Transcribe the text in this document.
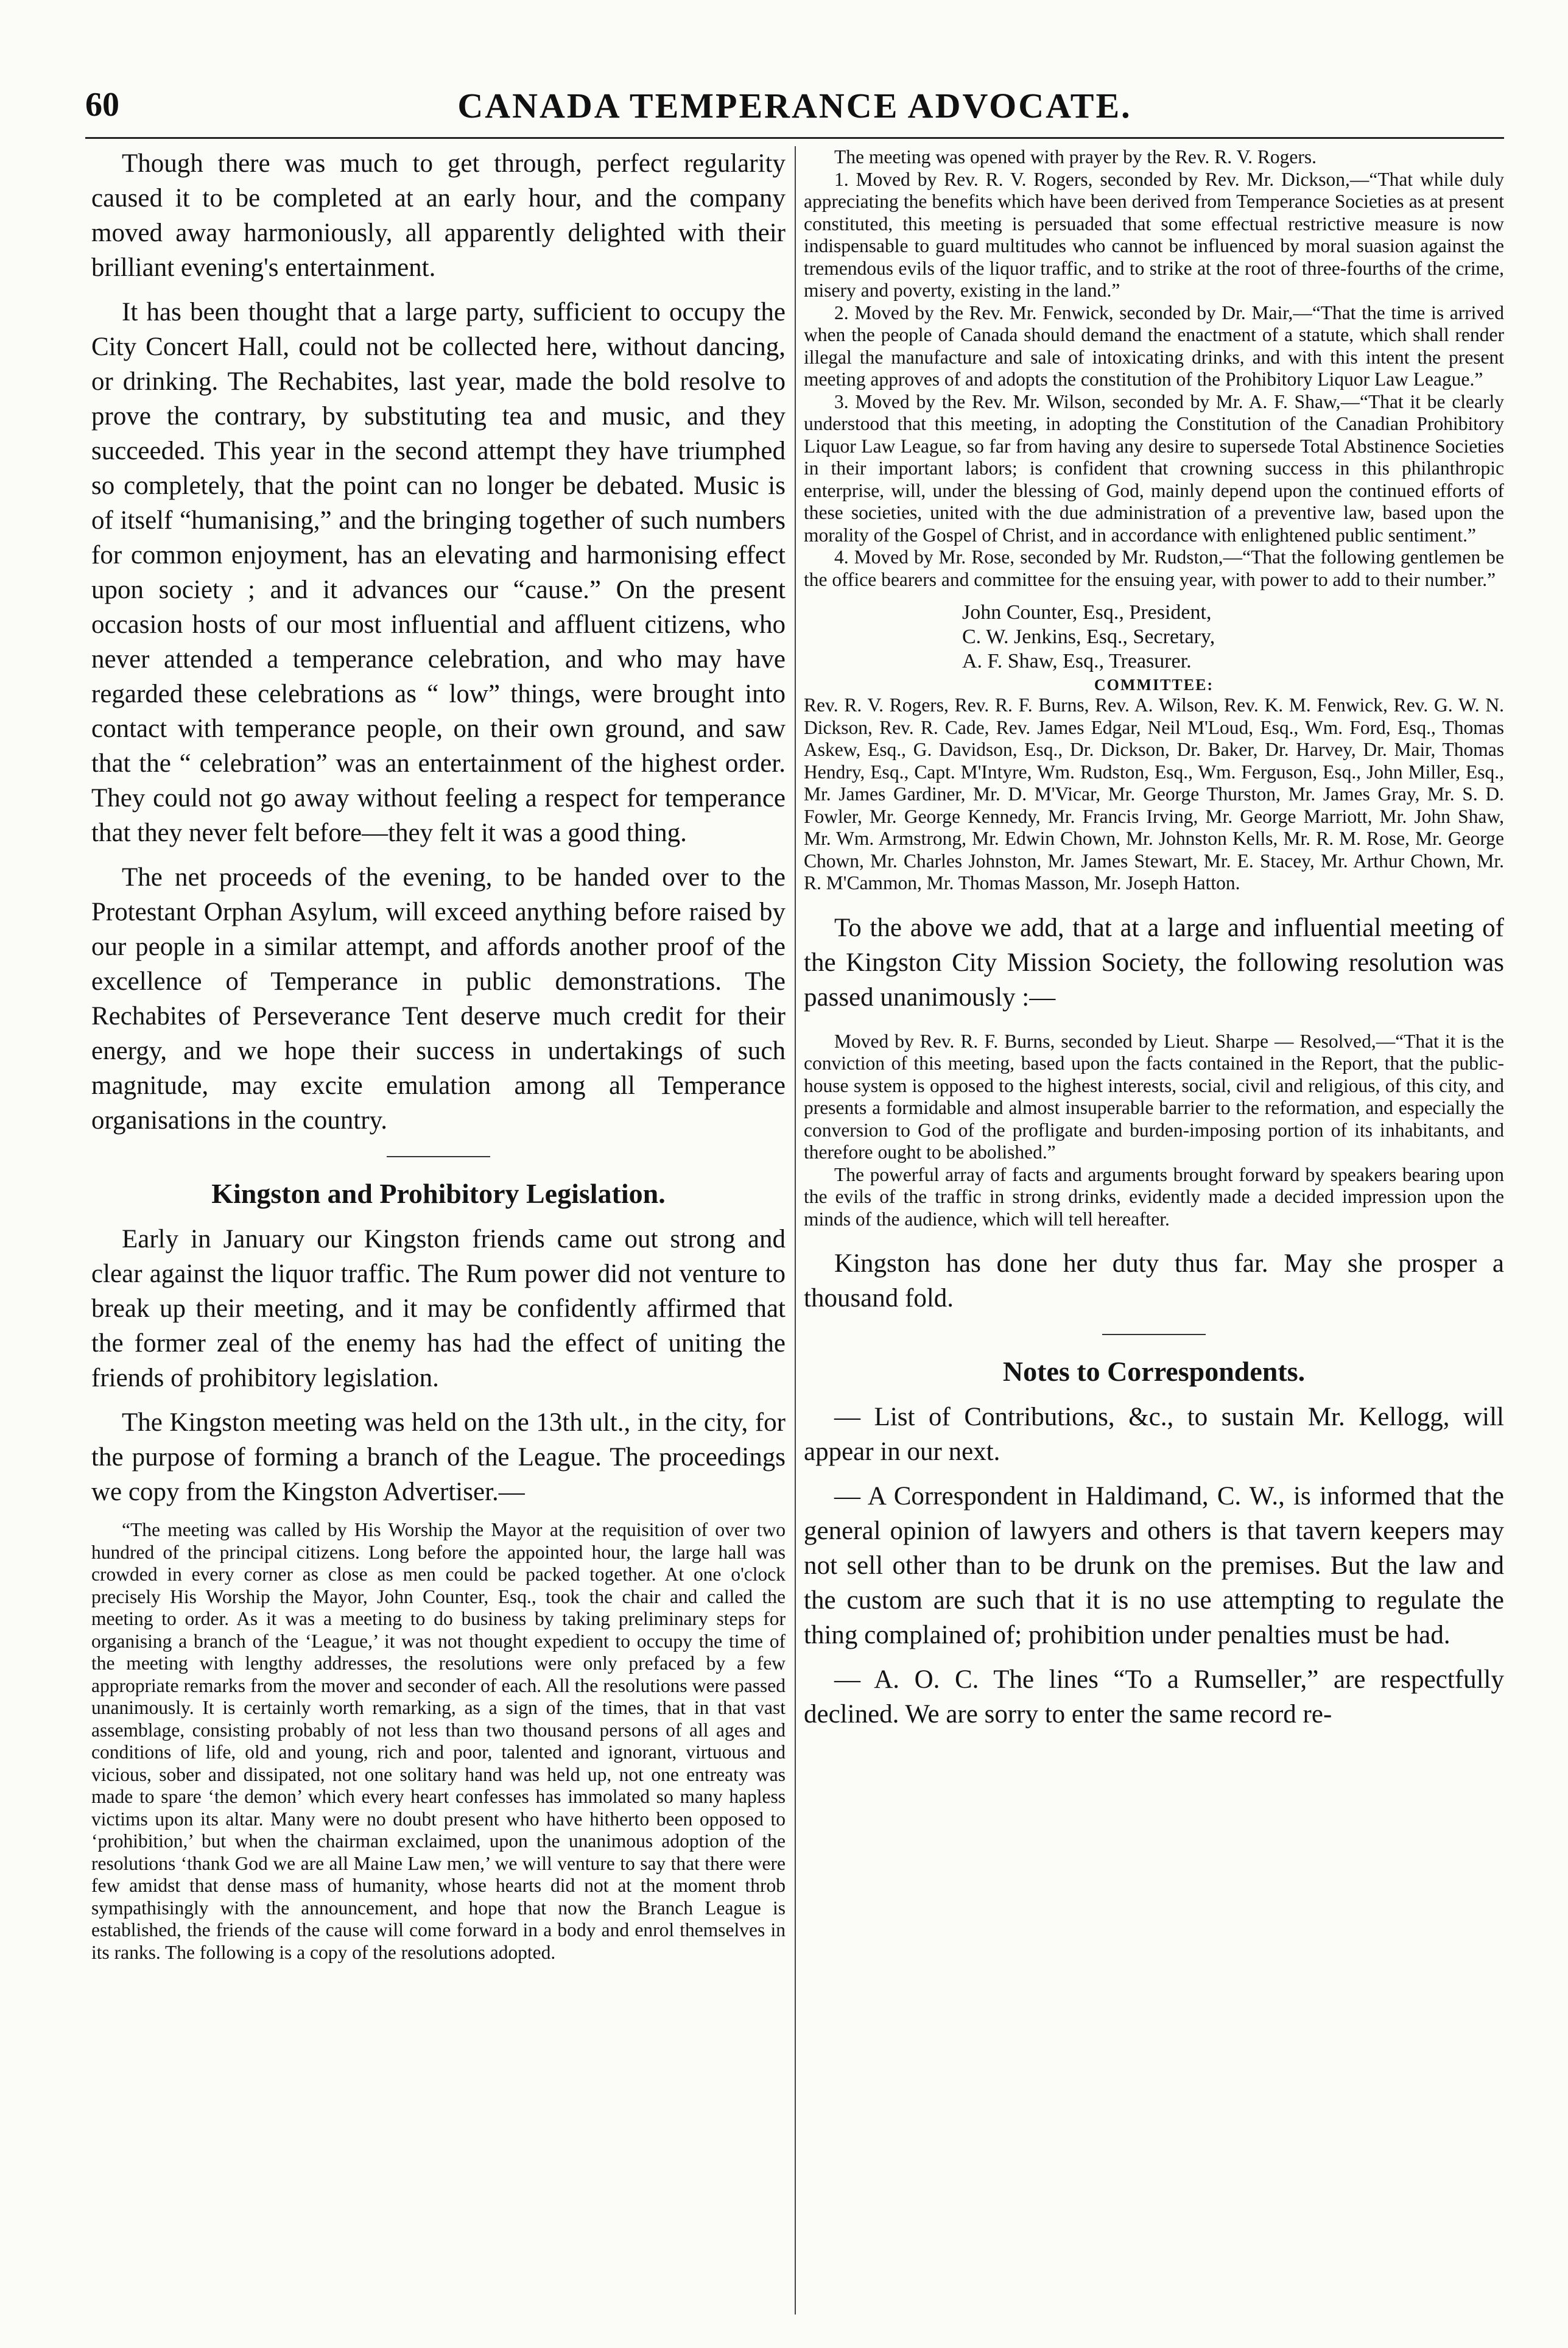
60	CANADA TEMPERANCE ADVOCATE.

Though there was much to get through, perfect regularity caused it to be completed at an early hour, and the company moved away harmoniously, all apparently delighted with their brilliant evening's entertainment.

It has been thought that a large party, sufficient to occupy the City Concert Hall, could not be collected here, without dancing, or drinking. The Rechabites, last year, made the bold resolve to prove the contrary, by substituting tea and music, and they succeeded. This year in the second attempt they have triumphed so completely, that the point can no longer be debated. Music is of itself “humanising,” and the bringing together of such numbers for common enjoyment, has an elevating and harmonising effect upon society ; and it advances our “cause.” On the present occasion hosts of our most influential and affluent citizens, who never attended a temperance celebration, and who may have regarded these celebrations as “ low” things, were brought into contact with temperance people, on their own ground, and saw that the “ celebration” was an entertainment of the highest order. They could not go away without feeling a respect for temperance that they never felt before—they felt it was a good thing.

The net proceeds of the evening, to be handed over to the Protestant Orphan Asylum, will exceed anything before raised by our people in a similar attempt, and affords another proof of the excellence of Temperance in public demonstrations. The Rechabites of Perseverance Tent deserve much credit for their energy, and we hope their success in undertakings of such magnitude, may excite emulation among all Temperance organisations in the country.

Kingston and Prohibitory Legislation.

Early in January our Kingston friends came out strong and clear against the liquor traffic. The Rum power did not venture to break up their meeting, and it may be confidently affirmed that the former zeal of the enemy has had the effect of uniting the friends of prohibitory legislation.

The Kingston meeting was held on the 13th ult., in the city, for the purpose of forming a branch of the League. The proceedings we copy from the Kingston Advertiser.—

“The meeting was called by His Worship the Mayor at the requisition of over two hundred of the principal citizens. Long before the appointed hour, the large hall was crowded in every corner as close as men could be packed together. At one o'clock precisely His Worship the Mayor, John Counter, Esq., took the chair and called the meeting to order. As it was a meeting to do business by taking preliminary steps for organising a branch of the ‘League,’ it was not thought expedient to occupy the time of the meeting with lengthy addresses, the resolutions were only prefaced by a few appropriate remarks from the mover and seconder of each. All the resolutions were passed unanimously. It is certainly worth remarking, as a sign of the times, that in that vast assemblage, consisting probably of not less than two thousand persons of all ages and conditions of life, old and young, rich and poor, talented and ignorant, virtuous and vicious, sober and dissipated, not one solitary hand was held up, not one entreaty was made to spare ‘the demon’ which every heart confesses has immolated so many hapless victims upon its altar. Many were no doubt present who have hitherto been opposed to ‘prohibition,’ but when the chairman exclaimed, upon the unanimous adoption of the resolutions ‘thank God we are all Maine Law men,’ we will venture to say that there were few amidst that dense mass of humanity, whose hearts did not at the moment throb sympathisingly with the announcement, and hope that now the Branch League is established, the friends of the cause will come forward in a body and enrol themselves in its ranks. The following is a copy of the resolutions adopted.

The meeting was opened with prayer by the Rev. R. V. Rogers.

1. Moved by Rev. R. V. Rogers, seconded by Rev. Mr. Dickson,—“That while duly appreciating the benefits which have been derived from Temperance Societies as at present constituted, this meeting is persuaded that some effectual restrictive measure is now indispensable to guard multitudes who cannot be influenced by moral suasion against the tremendous evils of the liquor traffic, and to strike at the root of three-fourths of the crime, misery and poverty, existing in the land.”

2. Moved by the Rev. Mr. Fenwick, seconded by Dr. Mair,—“That the time is arrived when the people of Canada should demand the enactment of a statute, which shall render illegal the manufacture and sale of intoxicating drinks, and with this intent the present meeting approves of and adopts the constitution of the Prohibitory Liquor Law League.”

3. Moved by the Rev. Mr. Wilson, seconded by Mr. A. F. Shaw,—“That it be clearly understood that this meeting, in adopting the Constitution of the Canadian Prohibitory Liquor Law League, so far from having any desire to supersede Total Abstinence Societies in their important labors; is confident that crowning success in this philanthropic enterprise, will, under the blessing of God, mainly depend upon the continued efforts of these societies, united with the due administration of a preventive law, based upon the morality of the Gospel of Christ, and in accordance with enlightened public sentiment.”

4. Moved by Mr. Rose, seconded by Mr. Rudston,—“That the following gentlemen be the office bearers and committee for the ensuing year, with power to add to their number.”

John Counter, Esq., President,
C. W. Jenkins, Esq., Secretary,
A. F. Shaw, Esq., Treasurer.
COMMITTEE:

Rev. R. V. Rogers, Rev. R. F. Burns, Rev. A. Wilson, Rev. K. M. Fenwick, Rev. G. W. N. Dickson, Rev. R. Cade, Rev. James Edgar, Neil M'Loud, Esq., Wm. Ford, Esq., Thomas Askew, Esq., G. Davidson, Esq., Dr. Dickson, Dr. Baker, Dr. Harvey, Dr. Mair, Thomas Hendry, Esq., Capt. M'Intyre, Wm. Rudston, Esq., Wm. Ferguson, Esq., John Miller, Esq., Mr. James Gardiner, Mr. D. M'Vicar, Mr. George Thurston, Mr. James Gray, Mr. S. D. Fowler, Mr. George Kennedy, Mr. Francis Irving, Mr. George Marriott, Mr. John Shaw, Mr. Wm. Armstrong, Mr. Edwin Chown, Mr. Johnston Kells, Mr. R. M. Rose, Mr. George Chown, Mr. Charles Johnston, Mr. James Stewart, Mr. E. Stacey, Mr. Arthur Chown, Mr. R. M'Cammon, Mr. Thomas Masson, Mr. Joseph Hatton.

To the above we add, that at a large and influential meeting of the Kingston City Mission Society, the following resolution was passed unanimously :—

Moved by Rev. R. F. Burns, seconded by Lieut. Sharpe — Resolved,—“That it is the conviction of this meeting, based upon the facts contained in the Report, that the public-house system is opposed to the highest interests, social, civil and religious, of this city, and presents a formidable and almost insuperable barrier to the reformation, and especially the conversion to God of the profligate and burden-imposing portion of its inhabitants, and therefore ought to be abolished.”

The powerful array of facts and arguments brought forward by speakers bearing upon the evils of the traffic in strong drinks, evidently made a decided impression upon the minds of the audience, which will tell hereafter.

Kingston has done her duty thus far. May she prosper a thousand fold.

Notes to Correspondents.

— List of Contributions, &c., to sustain Mr. Kellogg, will appear in our next.

— A Correspondent in Haldimand, C. W., is informed that the general opinion of lawyers and others is that tavern keepers may not sell other than to be drunk on the premises. But the law and the custom are such that it is no use attempting to regulate the thing complained of; prohibition under penalties must be had.

— A. O. C. The lines “To a Rumseller,” are respectfully declined. We are sorry to enter the same record re-
